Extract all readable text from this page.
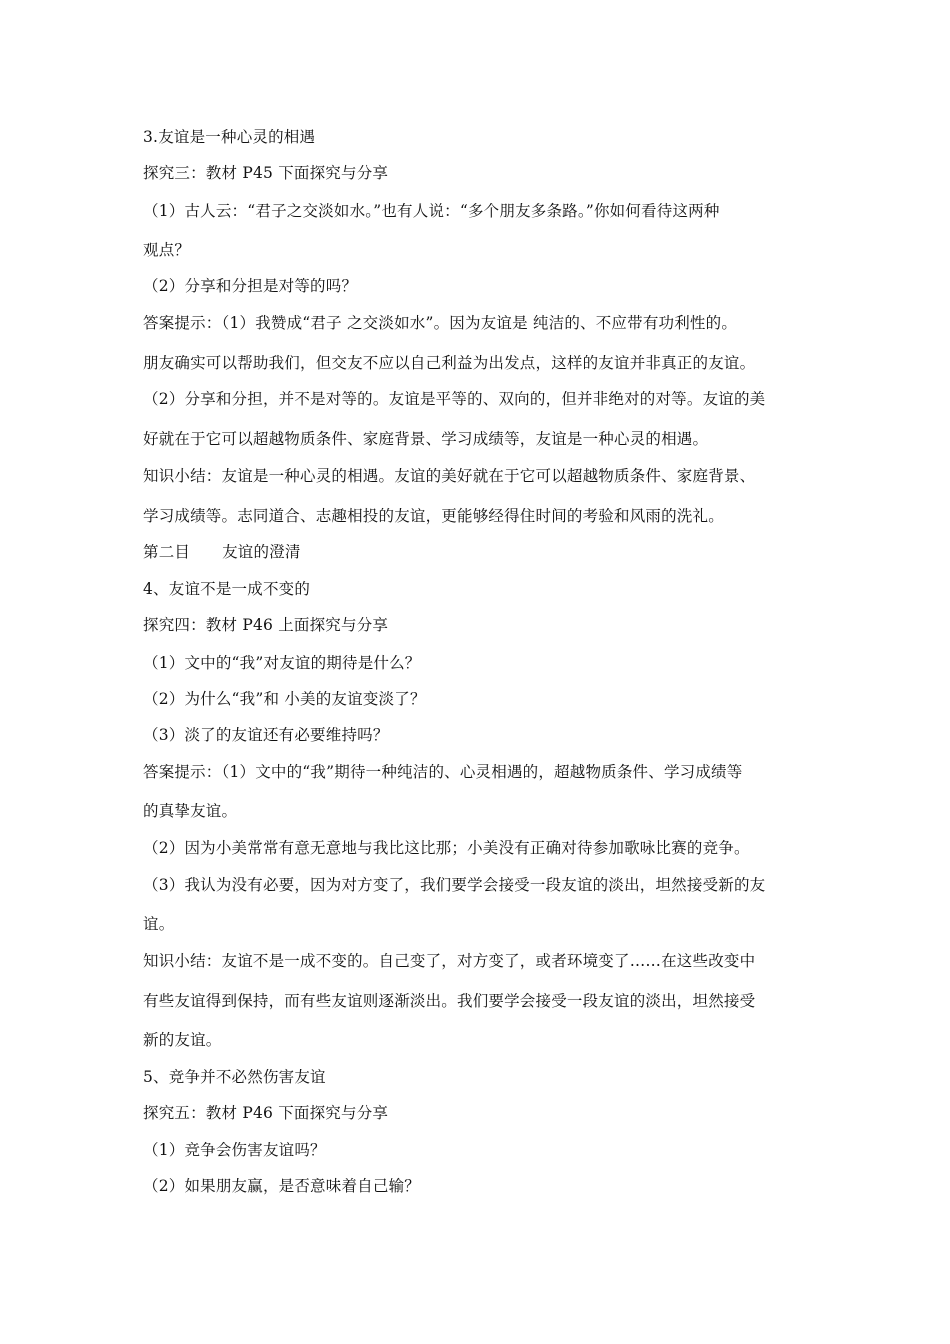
3.友谊是一种心灵的相遇
探究三：教材 P45 下面探究与分享
（1）古人云：“君子之交淡如水。”也有人说：“多个朋友多条路。”你如何看待这两种
观点？
（2）分享和分担是对等的吗？
答案提示：（1）我赞成“君子 之交淡如水”。因为友谊是 纯洁的、不应带有功利性的。
朋友确实可以帮助我们，但交友不应以自己利益为出发点，这样的友谊并非真正的友谊。
（2）分享和分担，并不是对等的。友谊是平等的、双向的，但并非绝对的对等。友谊的美
好就在于它可以超越物质条件、家庭背景、学习成绩等，友谊是一种心灵的相遇。
知识小结：友谊是一种心灵的相遇。友谊的美好就在于它可以超越物质条件、家庭背景、
学习成绩等。志同道合、志趣相投的友谊，更能够经得住时间的考验和风雨的洗礼。
第二目 友谊的澄清
4、友谊不是一成不变的
探究四：教材 P46 上面探究与分享
（1）文中的“我”对友谊的期待是什么？
（2）为什么“我”和 小美的友谊变淡了？
（3）淡了的友谊还有必要维持吗？
答案提示：（1）文中的“我”期待一种纯洁的、心灵相遇的，超越物质条件、学习成绩等
的真挚友谊。
（2）因为小美常常有意无意地与我比这比那；小美没有正确对待参加歌咏比赛的竞争。
（3）我认为没有必要，因为对方变了，我们要学会接受一段友谊的淡出，坦然接受新的友
谊。
知识小结：友谊不是一成不变的。自己变了，对方变了，或者环境变了……在这些改变中
有些友谊得到保持，而有些友谊则逐渐淡出。我们要学会接受一段友谊的淡出，坦然接受
新的友谊。
5、竞争并不必然伤害友谊
探究五：教材 P46 下面探究与分享
（1）竞争会伤害友谊吗？
（2）如果朋友赢，是否意味着自己输？
